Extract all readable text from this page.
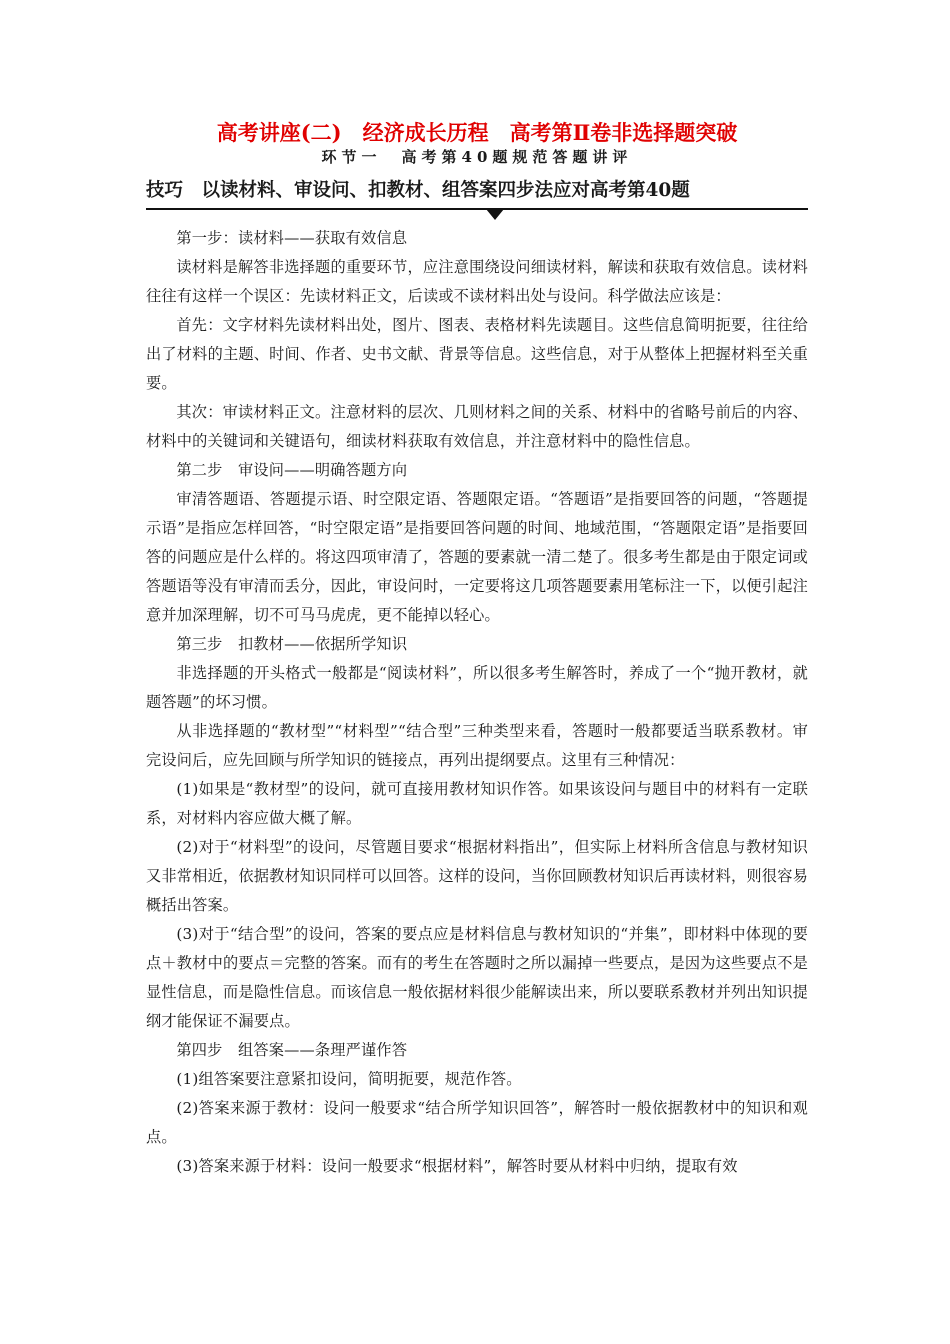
高考讲座(二)　经济成长历程　高考第Ⅱ卷非选择题突破
环节一　高考第40题规范答题讲评
技巧　以读材料、审设问、扣教材、组答案四步法应对高考第40题

第一步：读材料——获取有效信息

读材料是解答非选择题的重要环节，应注意围绕设问细读材料，解读和获取有效信息。读材料往往有这样一个误区：先读材料正文，后读或不读材料出处与设问。科学做法应该是：

首先：文字材料先读材料出处，图片、图表、表格材料先读题目。这些信息简明扼要，往往给出了材料的主题、时间、作者、史书文献、背景等信息。这些信息，对于从整体上把握材料至关重要。

其次：审读材料正文。注意材料的层次、几则材料之间的关系、材料中的省略号前后的内容、材料中的关键词和关键语句，细读材料获取有效信息，并注意材料中的隐性信息。

第二步　审设问——明确答题方向

审清答题语、答题提示语、时空限定语、答题限定语。“答题语”是指要回答的问题，“答题提示语”是指应怎样回答，“时空限定语”是指要回答问题的时间、地域范围，“答题限定语”是指要回答的问题应是什么样的。将这四项审清了，答题的要素就一清二楚了。很多考生都是由于限定词或答题语等没有审清而丢分，因此，审设问时，一定要将这几项答题要素用笔标注一下，以便引起注意并加深理解，切不可马马虎虎，更不能掉以轻心。

第三步　扣教材——依据所学知识

非选择题的开头格式一般都是“阅读材料”，所以很多考生解答时，养成了一个“抛开教材，就题答题”的坏习惯。

从非选择题的“教材型”“材料型”“结合型”三种类型来看，答题时一般都要适当联系教材。审完设问后，应先回顾与所学知识的链接点，再列出提纲要点。这里有三种情况：

(1)如果是“教材型”的设问，就可直接用教材知识作答。如果该设问与题目中的材料有一定联系，对材料内容应做大概了解。

(2)对于“材料型”的设问，尽管题目要求“根据材料指出”，但实际上材料所含信息与教材知识又非常相近，依据教材知识同样可以回答。这样的设问，当你回顾教材知识后再读材料，则很容易概括出答案。

(3)对于“结合型”的设问，答案的要点应是材料信息与教材知识的“并集”，即材料中体现的要点＋教材中的要点＝完整的答案。而有的考生在答题时之所以漏掉一些要点，是因为这些要点不是显性信息，而是隐性信息。而该信息一般依据材料很少能解读出来，所以要联系教材并列出知识提纲才能保证不漏要点。

第四步　组答案——条理严谨作答

(1)组答案要注意紧扣设问，简明扼要，规范作答。

(2)答案来源于教材：设问一般要求“结合所学知识回答”，解答时一般依据教材中的知识和观点。

(3)答案来源于材料：设问一般要求“根据材料”，解答时要从材料中归纳，提取有效
